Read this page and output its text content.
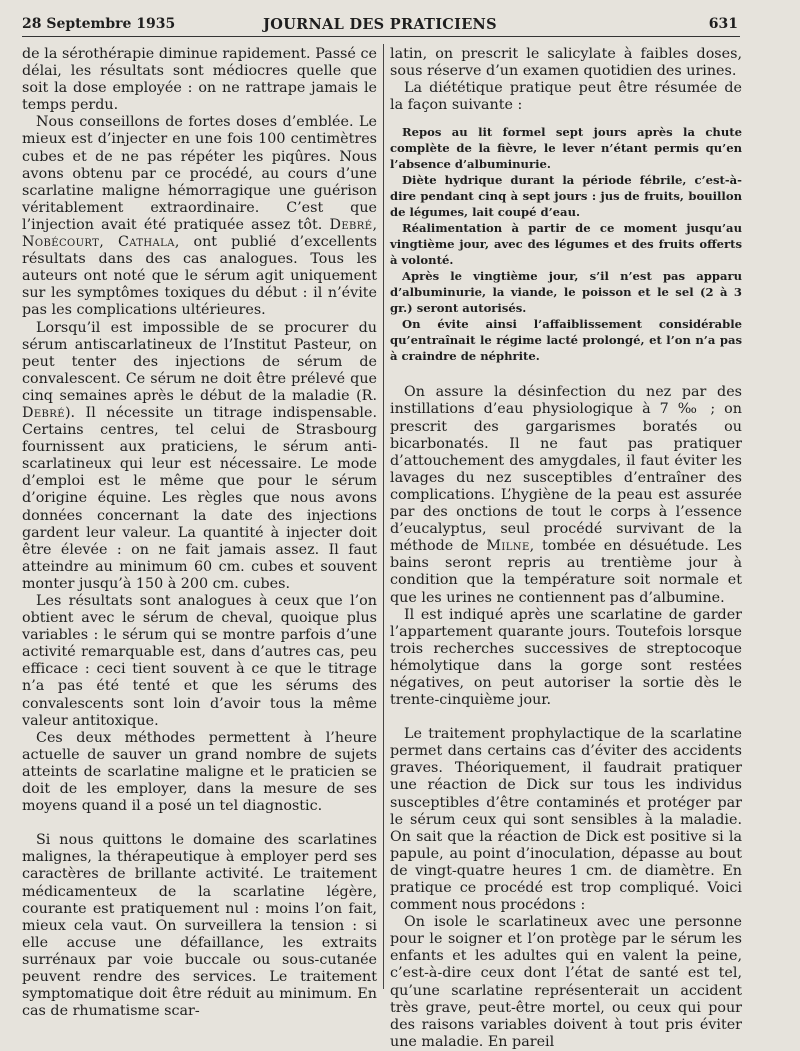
28 Septembre 1935	JOURNAL DES PRATICIENS	631

de la sérothérapie diminue rapidement. Passé ce délai, les résultats sont médiocres quelle que soit la dose employée : on ne rattrape jamais le temps perdu.

Nous conseillons de fortes doses d’emblée. Le mieux est d’injecter en une fois 100 centimètres cubes et de ne pas répéter les piqûres. Nous avons obtenu par ce procédé, au cours d’une scarlatine maligne hémorragique une guérison véritablement extraordinaire. C’est que l’injection avait été pratiquée assez tôt. Debré, Nobécourt, Cathala, ont publié d’excellents résultats dans des cas analogues. Tous les auteurs ont noté que le sérum agit uniquement sur les symptômes toxiques du début : il n’évite pas les complications ultérieures.

Lorsqu’il est impossible de se procurer du sérum antiscarlatineux de l’Institut Pasteur, on peut tenter des injections de sérum de convalescent. Ce sérum ne doit être prélevé que cinq semaines après le début de la maladie (R. Debré). Il nécessite un titrage indispensable. Certains centres, tel celui de Strasbourg fournissent aux praticiens, le sérum anti-scarlatineux qui leur est nécessaire. Le mode d’emploi est le même que pour le sérum d’origine équine. Les règles que nous avons données concernant la date des injections gardent leur valeur. La quantité à injecter doit être élevée : on ne fait jamais assez. Il faut atteindre au minimum 60 cm. cubes et souvent monter jusqu’à 150 à 200 cm. cubes.

Les résultats sont analogues à ceux que l’on obtient avec le sérum de cheval, quoique plus variables : le sérum qui se montre parfois d’une activité remarquable est, dans d’autres cas, peu efficace : ceci tient souvent à ce que le titrage n’a pas été tenté et que les sérums des convalescents sont loin d’avoir tous la même valeur antitoxique.

Ces deux méthodes permettent à l’heure actuelle de sauver un grand nombre de sujets atteints de scarlatine maligne et le praticien se doit de les employer, dans la mesure de ses moyens quand il a posé un tel diagnostic.

Si nous quittons le domaine des scarlatines malignes, la thérapeutique à employer perd ses caractères de brillante activité. Le traitement médicamenteux de la scarlatine légère, courante est pratiquement nul : moins l’on fait, mieux cela vaut. On surveillera la tension : si elle accuse une défaillance, les extraits surrénaux par voie buccale ou sous-cutanée peuvent rendre des services. Le traitement symptomatique doit être réduit au minimum. En cas de rhumatisme scar-

latin, on prescrit le salicylate à faibles doses, sous réserve d’un examen quotidien des urines.

La diététique pratique peut être résumée de la façon suivante :

Repos au lit formel sept jours après la chute complète de la fièvre, le lever n’étant permis qu’en l’absence d’albuminurie.

Diète hydrique durant la période fébrile, c’est-à-dire pendant cinq à sept jours : jus de fruits, bouillon de légumes, lait coupé d’eau.

Réalimentation à partir de ce moment jusqu’au vingtième jour, avec des légumes et des fruits offerts à volonté.

Après le vingtième jour, s’il n’est pas apparu d’albuminurie, la viande, le poisson et le sel (2 à 3 gr.) seront autorisés.

On évite ainsi l’affaiblissement considérable qu’entraînait le régime lacté prolongé, et l’on n’a pas à craindre de néphrite.

On assure la désinfection du nez par des instillations d’eau physiologique à 7 ‰ ; on prescrit des gargarismes boratés ou bicarbonatés. Il ne faut pas pratiquer d’attouchement des amygdales, il faut éviter les lavages du nez susceptibles d’entraîner des complications. L’hygiène de la peau est assurée par des onctions de tout le corps à l’essence d’eucalyptus, seul procédé survivant de la méthode de Milne, tombée en désuétude. Les bains seront repris au trentième jour à condition que la température soit normale et que les urines ne contiennent pas d’albumine.

Il est indiqué après une scarlatine de garder l’appartement quarante jours. Toutefois lorsque trois recherches successives de streptocoque hémolytique dans la gorge sont restées négatives, on peut autoriser la sortie dès le trente-cinquième jour.

Le traitement prophylactique de la scarlatine permet dans certains cas d’éviter des accidents graves. Théoriquement, il faudrait pratiquer une réaction de Dick sur tous les individus susceptibles d’être contaminés et protéger par le sérum ceux qui sont sensibles à la maladie. On sait que la réaction de Dick est positive si la papule, au point d’inoculation, dépasse au bout de vingt-quatre heures 1 cm. de diamètre. En pratique ce procédé est trop compliqué. Voici comment nous procédons :

On isole le scarlatineux avec une personne pour le soigner et l’on protège par le sérum les enfants et les adultes qui en valent la peine, c’est-à-dire ceux dont l’état de santé est tel, qu’une scarlatine représenterait un accident très grave, peut-être mortel, ou ceux qui pour des raisons variables doivent à tout pris éviter une maladie. En pareil
